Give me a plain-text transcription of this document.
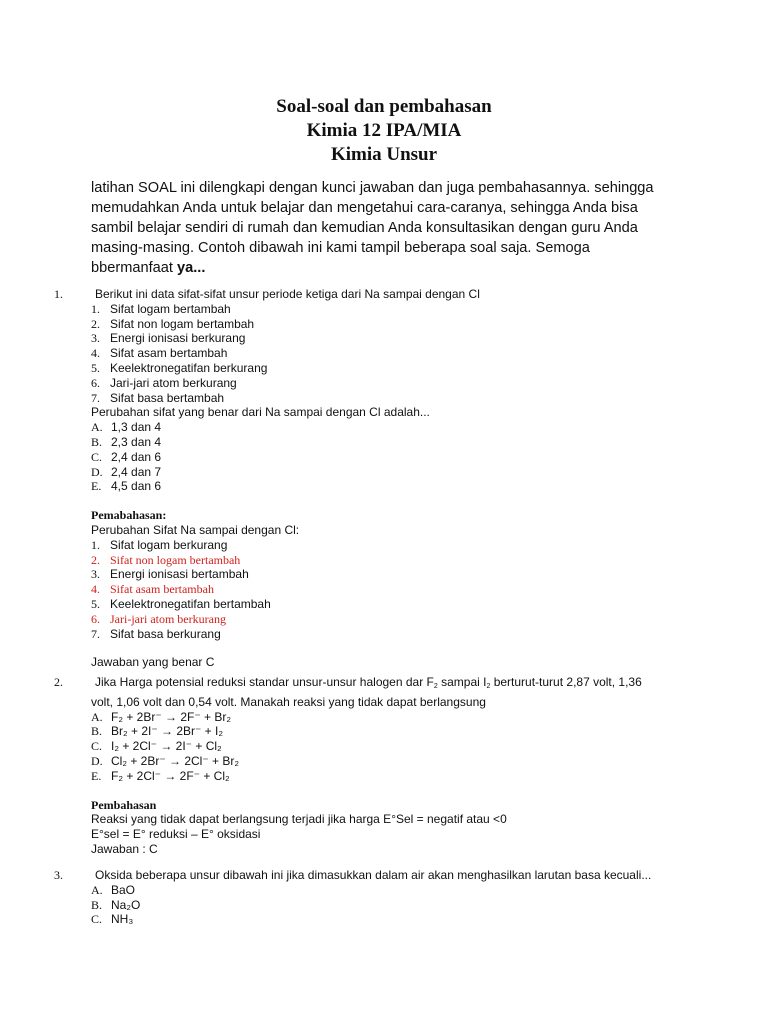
Soal-soal dan pembahasan
Kimia 12 IPA/MIA
Kimia Unsur
latihan SOAL ini dilengkapi dengan kunci jawaban dan juga pembahasannya. sehingga
memudahkan Anda untuk belajar dan mengetahui cara-caranya, sehingga Anda bisa
sambil belajar sendiri di rumah dan kemudian Anda konsultasikan dengan guru Anda
masing-masing. Contoh dibawah ini kami tampil beberapa soal saja. Semoga
bbermanfaat ya...
1.	Berikut ini data sifat-sifat unsur periode ketiga dari Na sampai dengan Cl
1. Sifat logam bertambah
2. Sifat non logam bertambah
3. Energi ionisasi berkurang
4. Sifat asam bertambah
5. Keelektronegatifan berkurang
6. Jari-jari atom berkurang
7. Sifat basa bertambah
Perubahan sifat yang benar dari Na sampai dengan Cl adalah...
A. 1,3 dan 4
B. 2,3 dan 4
C. 2,4 dan 6
D. 2,4 dan 7
E. 4,5 dan 6
Pemabahasan:
Perubahan Sifat Na sampai dengan Cl:
1. Sifat logam berkurang
2. Sifat non logam bertambah
3. Energi ionisasi bertambah
4. Sifat asam bertambah
5. Keelektronegatifan bertambah
6. Jari-jari atom berkurang
7. Sifat basa berkurang
Jawaban yang benar C
2.	Jika Harga potensial reduksi standar unsur-unsur halogen dar $F_2$ sampai $I_2$ berturut-turut 2,87 volt, 1,36
volt, 1,06 volt dan 0,54 volt. Manakah reaksi yang tidak dapat berlangsung
A. F₂ + 2Br⁻ → 2F⁻ + Br₂
B. Br₂ + 2I⁻ → 2Br⁻ + I₂
C. I₂ + 2Cl⁻ → 2I⁻ + Cl₂
D. Cl₂ + 2Br⁻ → 2Cl⁻ + Br₂
E. F₂ + 2Cl⁻ → 2F⁻ + Cl₂
Pembahasan
Reaksi yang tidak dapat berlangsung terjadi jika harga E°Sel = negatif atau <0
E°sel = E° reduksi – E° oksidasi
Jawaban : C
3.	Oksida beberapa unsur dibawah ini jika dimasukkan dalam air akan menghasilkan larutan basa kecuali...
A. BaO
B. Na₂O
C. NH₃
